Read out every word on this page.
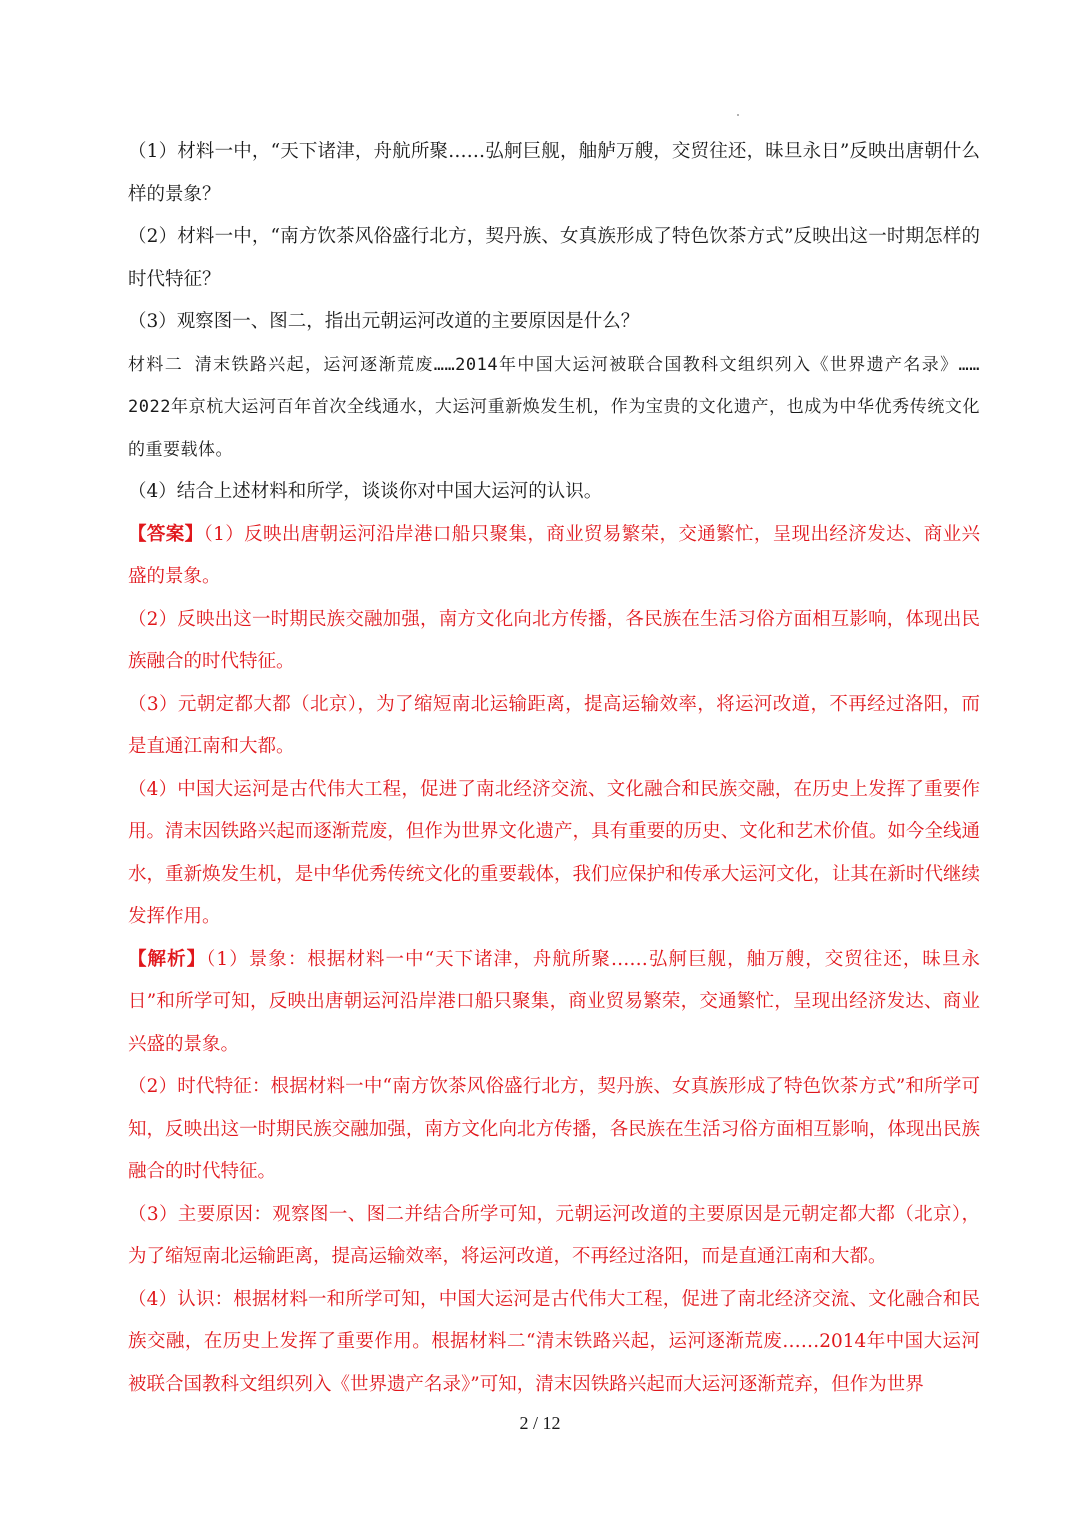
（1）材料一中，“天下诸津，舟航所聚……弘舸巨舰，舳舻万艘，交贸往还，昧旦永日”反映出唐朝什么样的景象？

（2）材料一中，“南方饮茶风俗盛行北方，契丹族、女真族形成了特色饮茶方式”反映出这一时期怎样的时代特征？

（3）观察图一、图二，指出元朝运河改道的主要原因是什么？

材料二 清末铁路兴起，运河逐渐荒废……2014年中国大运河被联合国教科文组织列入《世界遗产名录》……2022年京杭大运河百年首次全线通水，大运河重新焕发生机，作为宝贵的文化遗产，也成为中华优秀传统文化的重要载体。

（4）结合上述材料和所学，谈谈你对中国大运河的认识。

【答案】（1）反映出唐朝运河沿岸港口船只聚集，商业贸易繁荣，交通繁忙，呈现出经济发达、商业兴盛的景象。

（2）反映出这一时期民族交融加强，南方文化向北方传播，各民族在生活习俗方面相互影响，体现出民族融合的时代特征。

（3）元朝定都大都（北京），为了缩短南北运输距离，提高运输效率，将运河改道，不再经过洛阳，而是直通江南和大都。

（4）中国大运河是古代伟大工程，促进了南北经济交流、文化融合和民族交融，在历史上发挥了重要作用。清末因铁路兴起而逐渐荒废，但作为世界文化遗产，具有重要的历史、文化和艺术价值。如今全线通水，重新焕发生机，是中华优秀传统文化的重要载体，我们应保护和传承大运河文化，让其在新时代继续发挥作用。

【解析】（1）景象：根据材料一中“天下诸津，舟航所聚……弘舸巨舰，舳万艘，交贸往还，昧旦永日”和所学可知，反映出唐朝运河沿岸港口船只聚集，商业贸易繁荣，交通繁忙，呈现出经济发达、商业兴盛的景象。

（2）时代特征：根据材料一中“南方饮茶风俗盛行北方，契丹族、女真族形成了特色饮茶方式”和所学可知，反映出这一时期民族交融加强，南方文化向北方传播，各民族在生活习俗方面相互影响，体现出民族融合的时代特征。

（3）主要原因：观察图一、图二并结合所学可知，元朝运河改道的主要原因是元朝定都大都（北京），为了缩短南北运输距离，提高运输效率，将运河改道，不再经过洛阳，而是直通江南和大都。

（4）认识：根据材料一和所学可知，中国大运河是古代伟大工程，促进了南北经济交流、文化融合和民族交融，在历史上发挥了重要作用。根据材料二“清末铁路兴起，运河逐渐荒废……2014年中国大运河被联合国教科文组织列入《世界遗产名录》”可知，清末因铁路兴起而大运河逐渐荒弃，但作为世界

2 / 12
